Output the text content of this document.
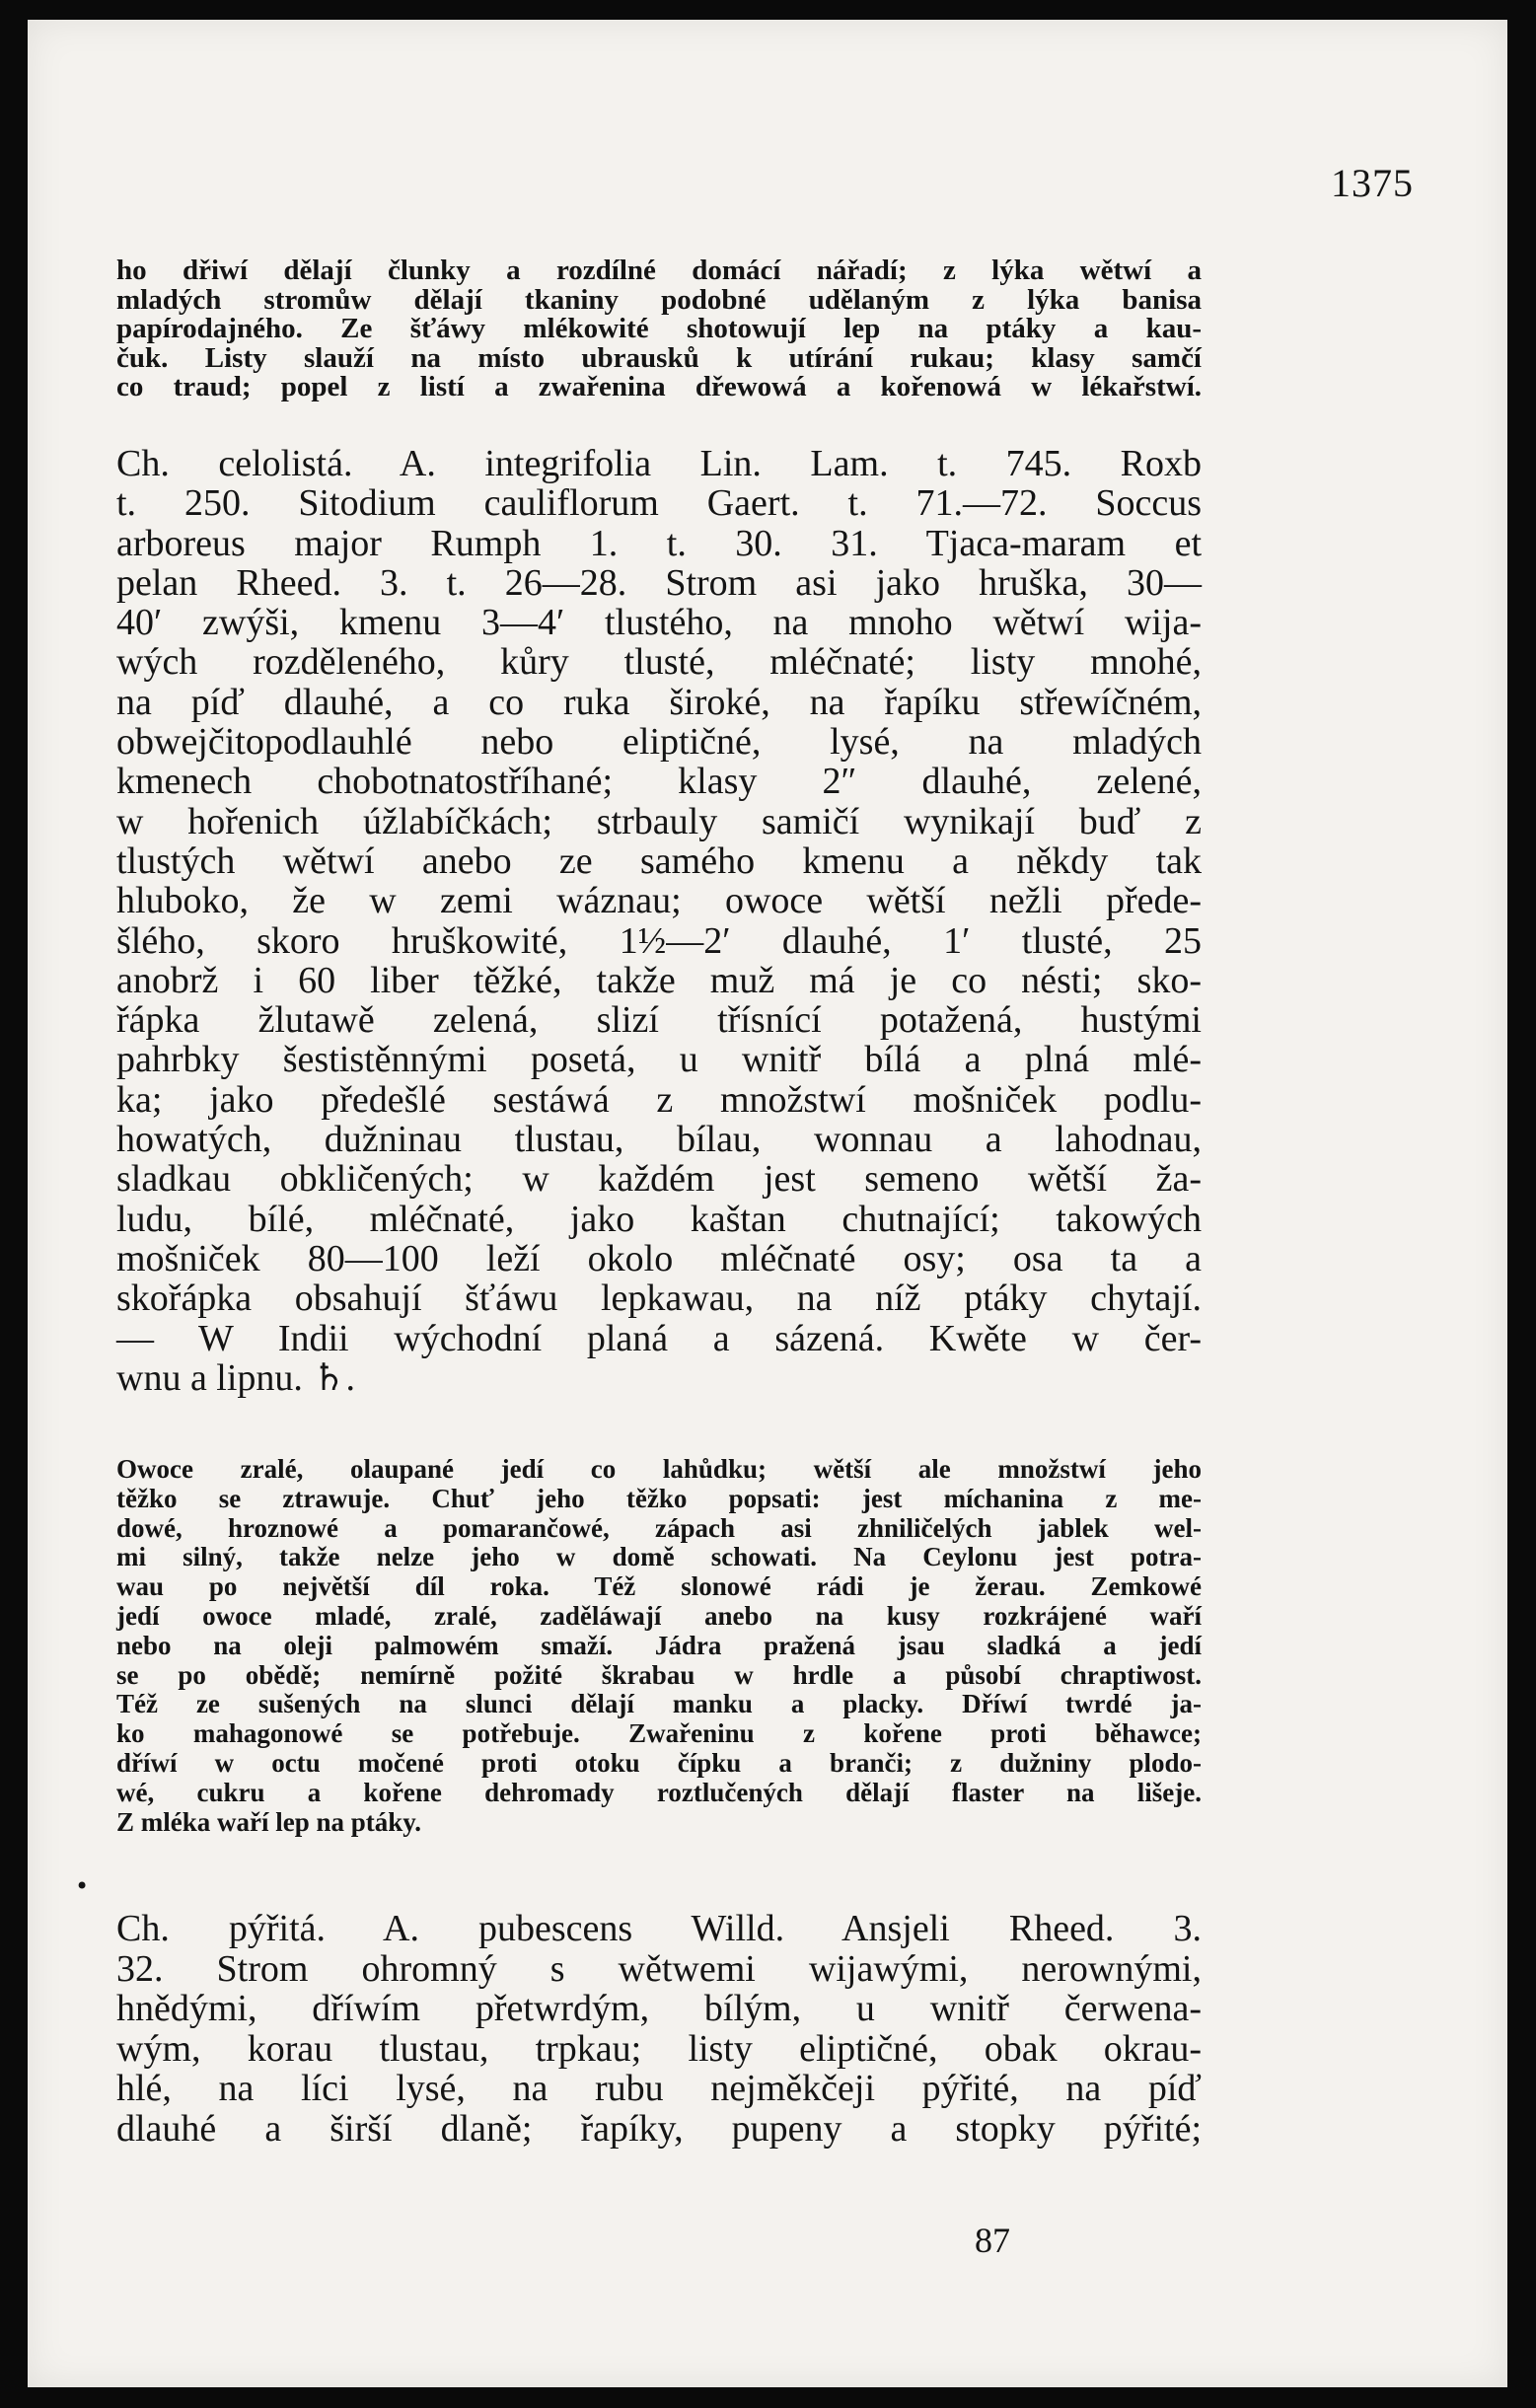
1375
ho dřiwí dělají člunky a rozdílné domácí nářadí; z lýka wětwí a
mladých stromůw dělají tkaniny podobné udělaným z lýka banisa
papírodajného. Ze šťáwy mlékowité shotowují lep na ptáky a kau-
čuk. Listy slauží na místo ubrausků k utírání rukau; klasy samčí
co traud; popel z listí a zwařenina dřewowá a kořenowá w lékařstwí.
Ch. celolistá. A. integrifolia Lin. Lam. t. 745. Roxb
t. 250. Sitodium cauliflorum Gaert. t. 71.—72. Soccus
arboreus major Rumph 1. t. 30. 31. Tjaca-maram et
pelan Rheed. 3. t. 26—28. Strom asi jako hruška, 30—
40′ zwýši, kmenu 3—4′ tlustého, na mnoho wětwí wija-
wých rozděleného, kůry tlusté, mléčnaté; listy mnohé,
na píď dlauhé, a co ruka široké, na řapíku střewíčném,
obwejčitopodlauhlé nebo eliptičné, lysé, na mladých
kmenech chobotnatostříhané; klasy 2″ dlauhé, zelené,
w hořenich úžlabíčkách; strbauly samičí wynikají buď z
tlustých wětwí anebo ze samého kmenu a někdy tak
hluboko, že w zemi wáznau; owoce wětší nežli přede-
šlého, skoro hruškowité, 1½—2′ dlauhé, 1′ tlusté, 25
anobrž i 60 liber těžké, takže muž má je co nésti; sko-
řápka žlutawě zelená, slizí třísnící potažená, hustými
pahrbky šestistěnnými posetá, u wnitř bílá a plná mlé-
ka; jako předešlé sestáwá z množstwí mošniček podlu-
howatých, dužninau tlustau, bílau, wonnau a lahodnau,
sladkau obkličených; w každém jest semeno wětší ža-
ludu, bílé, mléčnaté, jako kaštan chutnající; takowých
mošniček 80—100 leží okolo mléčnaté osy; osa ta a
skořápka obsahují šťáwu lepkawau, na níž ptáky chytají.
— W Indii wýchodní planá a sázená. Kwěte w čer-
wnu a lipnu. ♄.
Owoce zralé, olaupané jedí co lahůdku; wětší ale množstwí jeho
těžko se ztrawuje. Chuť jeho těžko popsati: jest míchanina z me-
dowé, hroznowé a pomarančowé, zápach asi zhniličelých jablek wel-
mi silný, takže nelze jeho w domě schowati. Na Ceylonu jest potra-
wau po největší díl roka. Též slonowé rádi je žerau. Zemkowé
jedí owoce mladé, zralé, zaděláwají anebo na kusy rozkrájené waří
nebo na oleji palmowém smaží. Jádra pražená jsau sladká a jedí
se po obědě; nemírně požité škrabau w hrdle a působí chraptiwost.
Též ze sušených na slunci dělají manku a placky. Dříwí twrdé ja-
ko mahagonowé se potřebuje. Zwařeninu z kořene proti běhawce;
dříwí w octu močené proti otoku čípku a branči; z dužniny plodo-
wé, cukru a kořene dehromady roztlučených dělají flaster na lišeje.
Z mléka waří lep na ptáky.
•
Ch. pýřitá. A. pubescens Willd. Ansjeli Rheed. 3.
32. Strom ohromný s wětwemi wijawými, nerownými,
hnědými, dříwím přetwrdým, bílým, u wnitř čerwena-
wým, korau tlustau, trpkau; listy eliptičné, obak okrau-
hlé, na líci lysé, na rubu nejměkčeji pýřité, na píď
dlauhé a širší dlaně; řapíky, pupeny a stopky pýřité;
87
